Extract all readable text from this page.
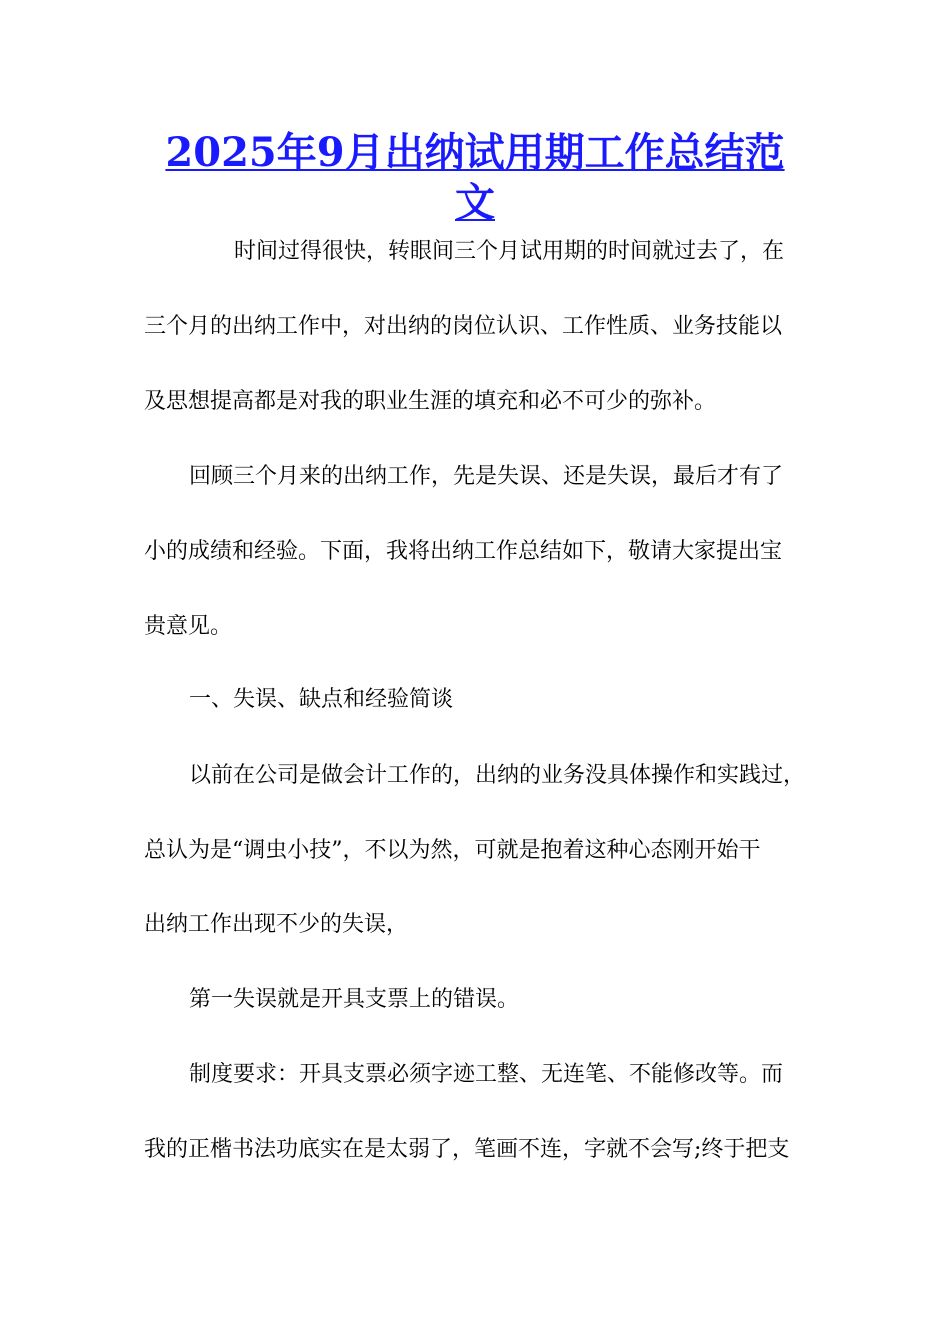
2025年9月出纳试用期工作总结范文

时间过得很快，转眼间三个月试用期的时间就过去了，在

三个月的出纳工作中，对出纳的岗位认识、工作性质、业务技能以

及思想提高都是对我的职业生涯的填充和必不可少的弥补。

回顾三个月来的出纳工作，先是失误、还是失误，最后才有了

小的成绩和经验。下面，我将出纳工作总结如下，敬请大家提出宝

贵意见。

一、失误、缺点和经验简谈

以前在公司是做会计工作的，出纳的业务没具体操作和实践过，

总认为是“调虫小技”，不以为然，可就是抱着这种心态刚开始干

出纳工作出现不少的失误，

第一失误就是开具支票上的错误。

制度要求：开具支票必须字迹工整、无连笔、不能修改等。而

我的正楷书法功底实在是太弱了，笔画不连，字就不会写;终于把支
